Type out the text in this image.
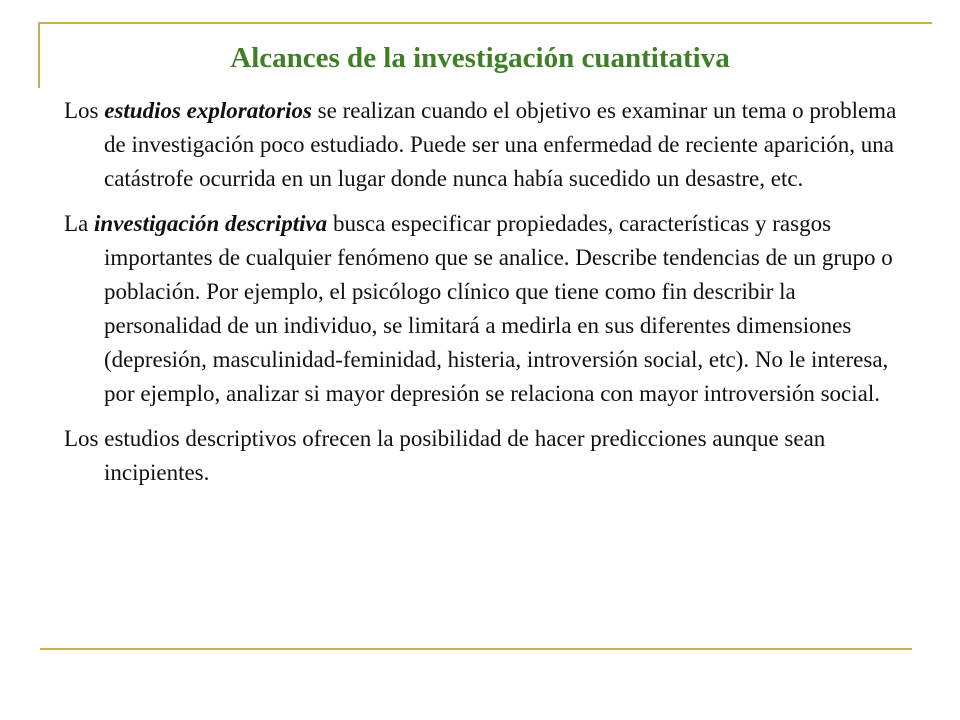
Alcances de la investigación cuantitativa

Los estudios exploratorios se realizan cuando el objetivo es examinar un tema o problema de investigación poco estudiado. Puede ser una enfermedad de reciente aparición, una catástrofe ocurrida en un lugar donde nunca había sucedido un desastre, etc.

La investigación descriptiva busca especificar propiedades, características y rasgos importantes de cualquier fenómeno que se analice. Describe tendencias de un grupo o población. Por ejemplo, el psicólogo clínico que tiene como fin describir la personalidad de un individuo, se limitará a medirla en sus diferentes dimensiones (depresión, masculinidad-feminidad, histeria, introversión social, etc). No le interesa, por ejemplo, analizar si mayor depresión se relaciona con mayor introversión social.

Los estudios descriptivos ofrecen la posibilidad de hacer predicciones aunque sean incipientes.
